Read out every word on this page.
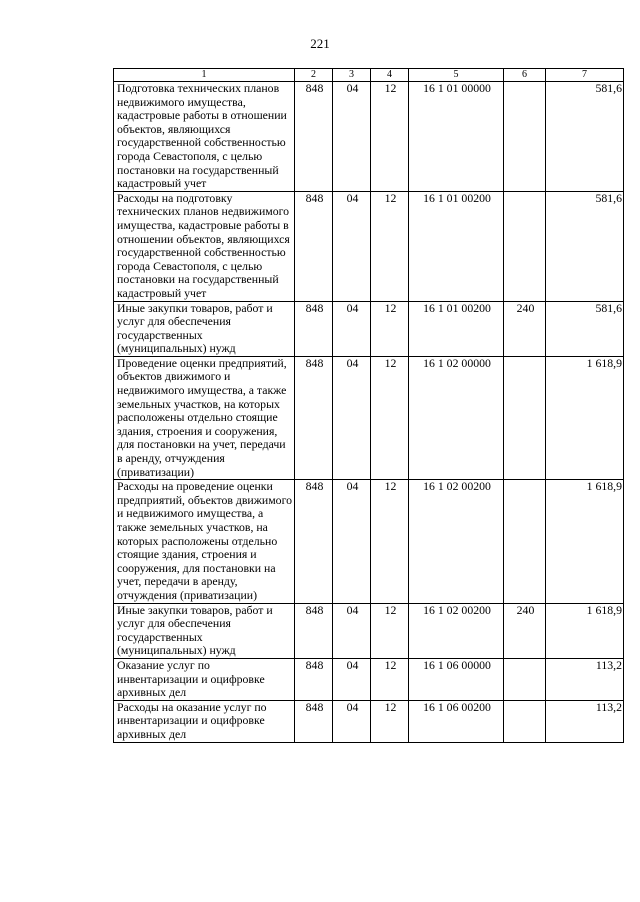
221
1	2	3	4	5	6	7
Подготовка технических планов недвижимого имущества, кадастровые работы в отношении объектов, являющихся государственной собственностью города Севастополя, с целью постановки на государственный кадастровый учет	848	04	12	16 1 01 00000		581,6
Расходы на подготовку технических планов недвижимого имущества, кадастровые работы в отношении объектов, являющихся государственной собственностью города Севастополя, с целью постановки на государственный кадастровый учет	848	04	12	16 1 01 00200		581,6
Иные закупки товаров, работ и услуг для обеспечения государственных (муниципальных) нужд	848	04	12	16 1 01 00200	240	581,6
Проведение оценки предприятий, объектов движимого и недвижимого имущества, а также земельных участков, на которых расположены отдельно стоящие здания, строения и сооружения, для постановки на учет, передачи в аренду, отчуждения (приватизации)	848	04	12	16 1 02 00000		1 618,9
Расходы на проведение оценки предприятий, объектов движимого и недвижимого имущества, а также земельных участков, на которых расположены отдельно стоящие здания, строения и сооружения, для постановки на учет, передачи в аренду, отчуждения (приватизации)	848	04	12	16 1 02 00200		1 618,9
Иные закупки товаров, работ и услуг для обеспечения государственных (муниципальных) нужд	848	04	12	16 1 02 00200	240	1 618,9
Оказание услуг по инвентаризации и оцифровке архивных дел	848	04	12	16 1 06 00000		113,2
Расходы на оказание услуг по инвентаризации и оцифровке архивных дел	848	04	12	16 1 06 00200		113,2
